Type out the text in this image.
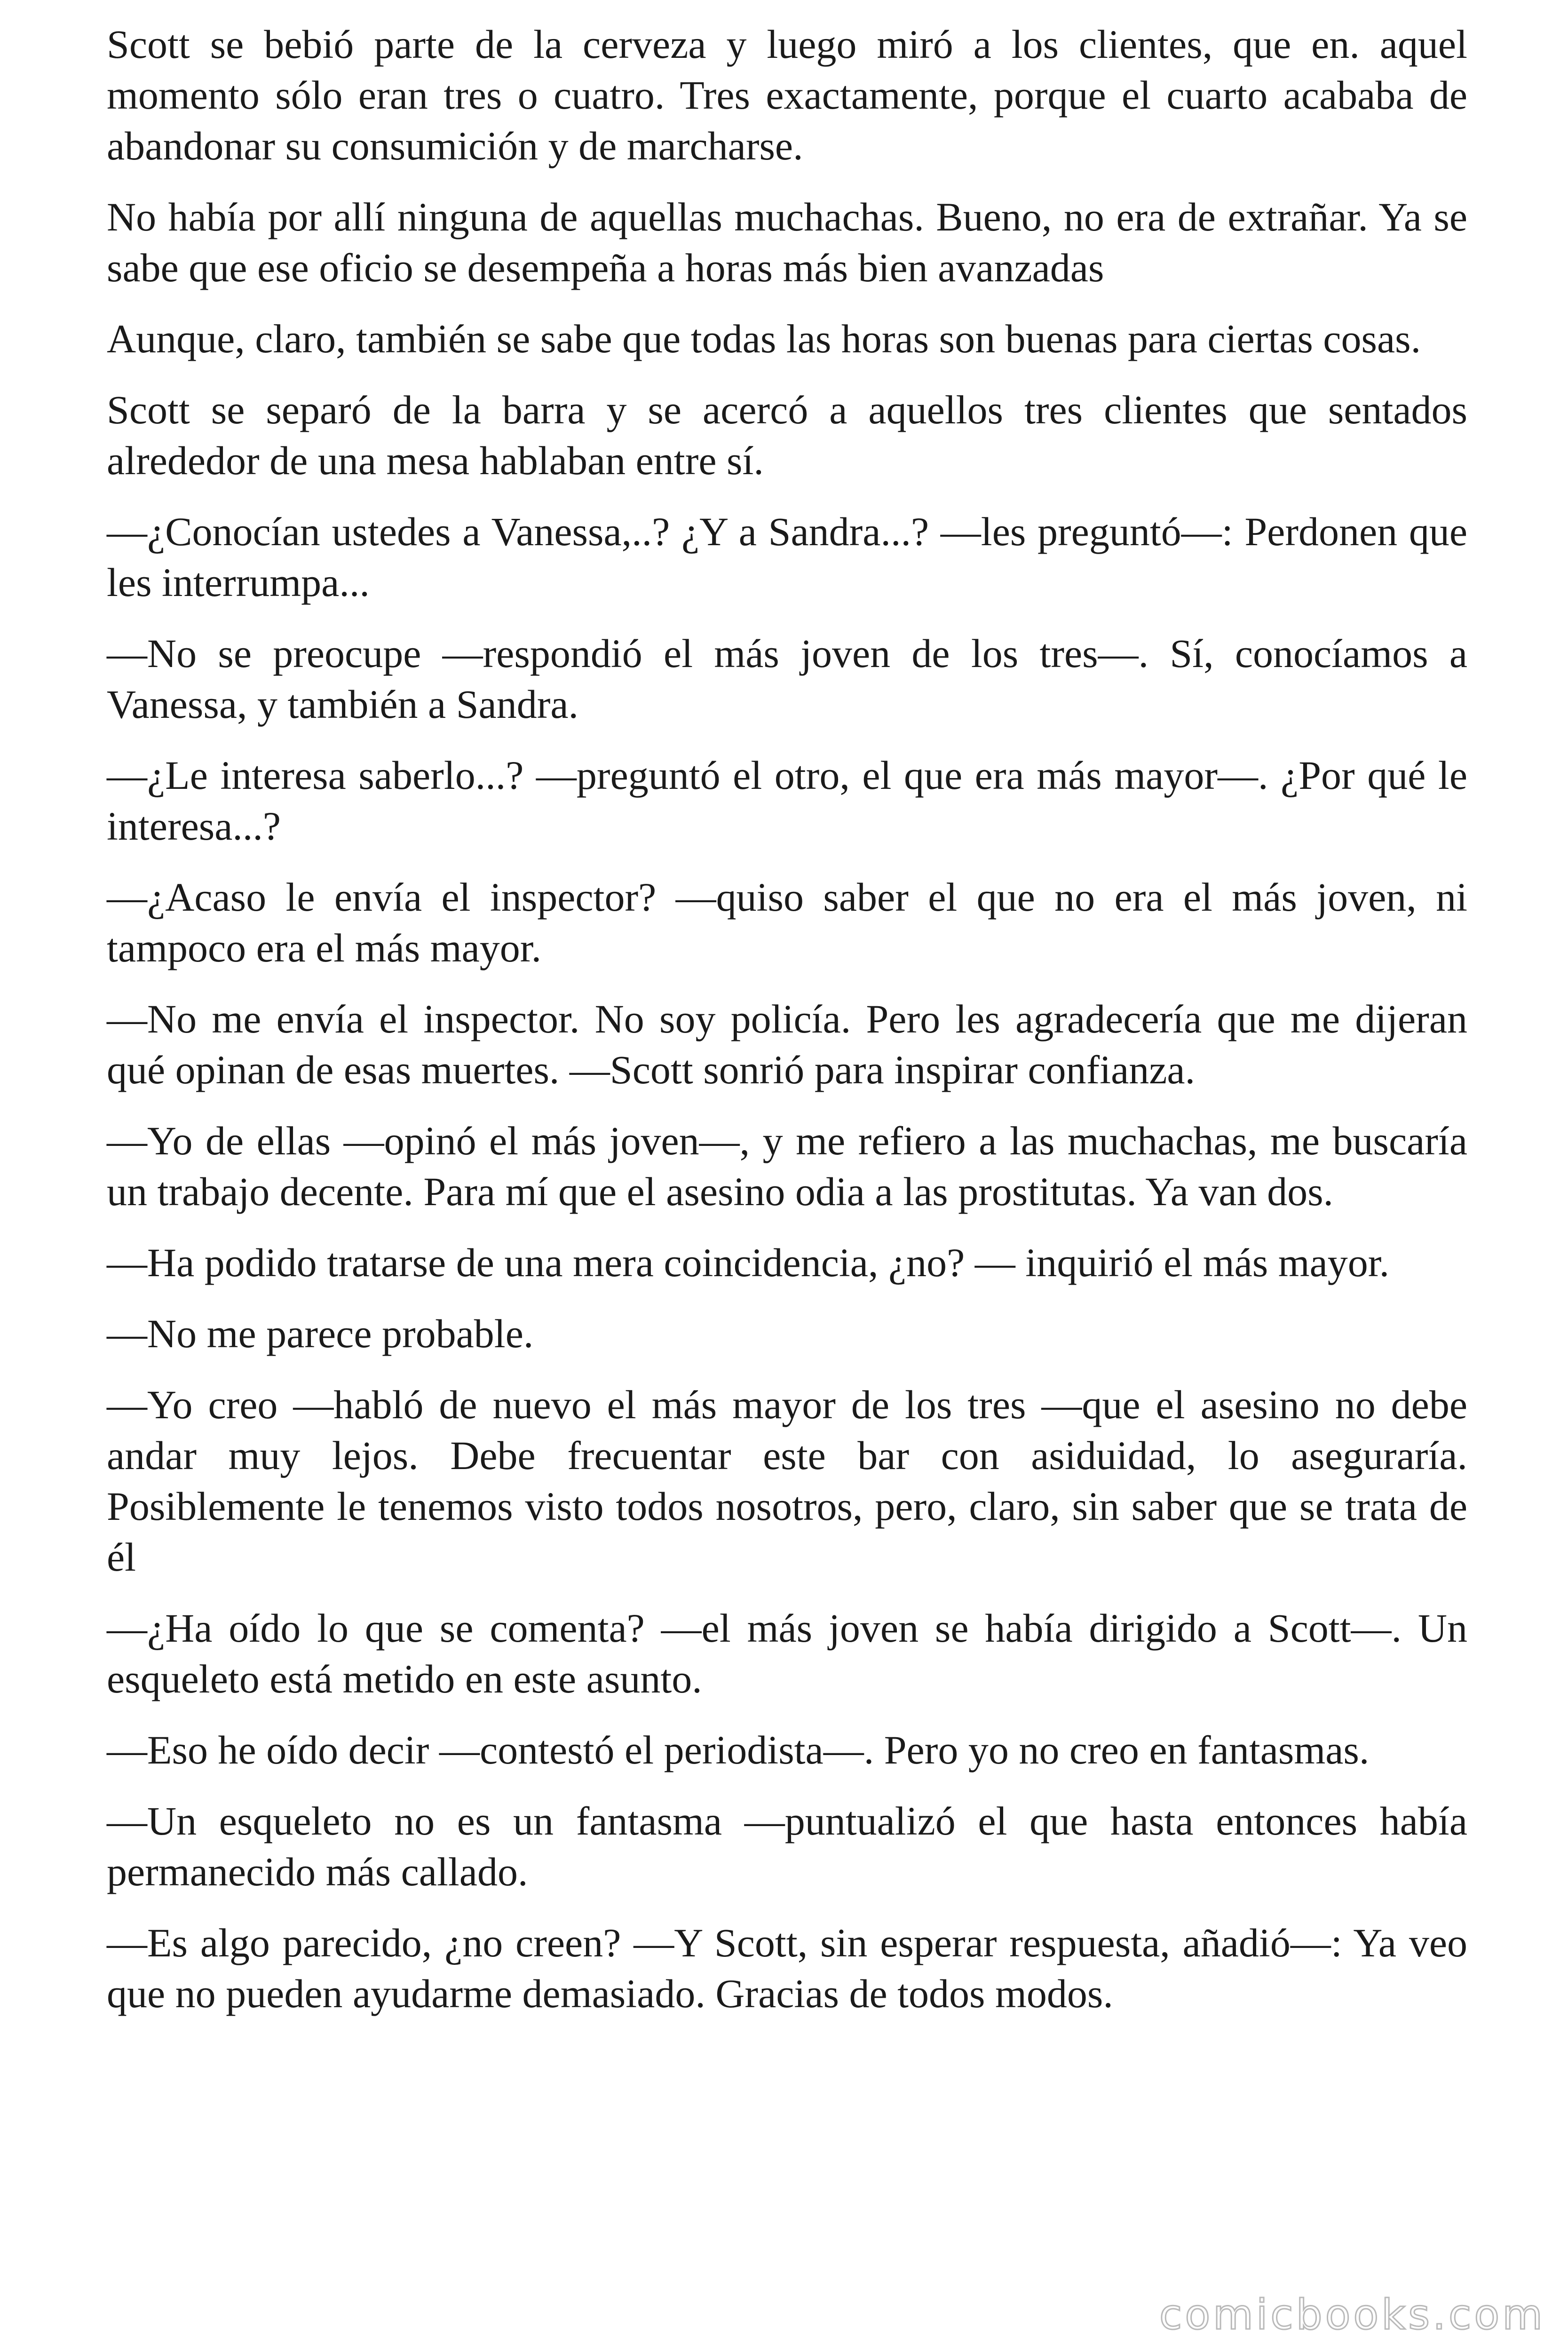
Scott se bebió parte de la cerveza y luego miró a los clientes, que en. aquel momento sólo eran tres o cuatro. Tres exactamente, porque el cuarto acababa de abandonar su consumición y de marcharse.

No había por allí ninguna de aquellas muchachas. Bueno, no era de extrañar. Ya se sabe que ese oficio se desempeña a horas más bien avanzadas

Aunque, claro, también se sabe que todas las horas son buenas para ciertas cosas.

Scott se separó de la barra y se acercó a aquellos tres clientes que sentados alrededor de una mesa hablaban entre sí.

—¿Conocían ustedes a Vanessa,..? ¿Y a Sandra...? —les preguntó—: Perdonen que les interrumpa...

—No se preocupe —respondió el más joven de los tres—. Sí, conocíamos a Vanessa, y también a Sandra.

—¿Le interesa saberlo...? —preguntó el otro, el que era más mayor—. ¿Por qué le interesa...?

—¿Acaso le envía el inspector? —quiso saber el que no era el más joven, ni tampoco era el más mayor.

—No me envía el inspector. No soy policía. Pero les agradecería que me dijeran qué opinan de esas muertes. —Scott sonrió para inspirar confianza.

—Yo de ellas —opinó el más joven—, y me refiero a las muchachas, me buscaría un trabajo decente. Para mí que el asesino odia a las prostitutas. Ya van dos.

—Ha podido tratarse de una mera coincidencia, ¿no? — inquirió el más mayor.

—No me parece probable.

—Yo creo —habló de nuevo el más mayor de los tres —que el asesino no debe andar muy lejos. Debe frecuentar este bar con asiduidad, lo aseguraría. Posiblemente le tenemos visto todos nosotros, pero, claro, sin saber que se trata de él

—¿Ha oído lo que se comenta? —el más joven se había dirigido a Scott—. Un esqueleto está metido en este asunto.

—Eso he oído decir —contestó el periodista—. Pero yo no creo en fantasmas.

—Un esqueleto no es un fantasma —puntualizó el que hasta entonces había permanecido más callado.

—Es algo parecido, ¿no creen? —Y Scott, sin esperar respuesta, añadió—: Ya veo que no pueden ayudarme demasiado. Gracias de todos modos.

comicbooks.com
